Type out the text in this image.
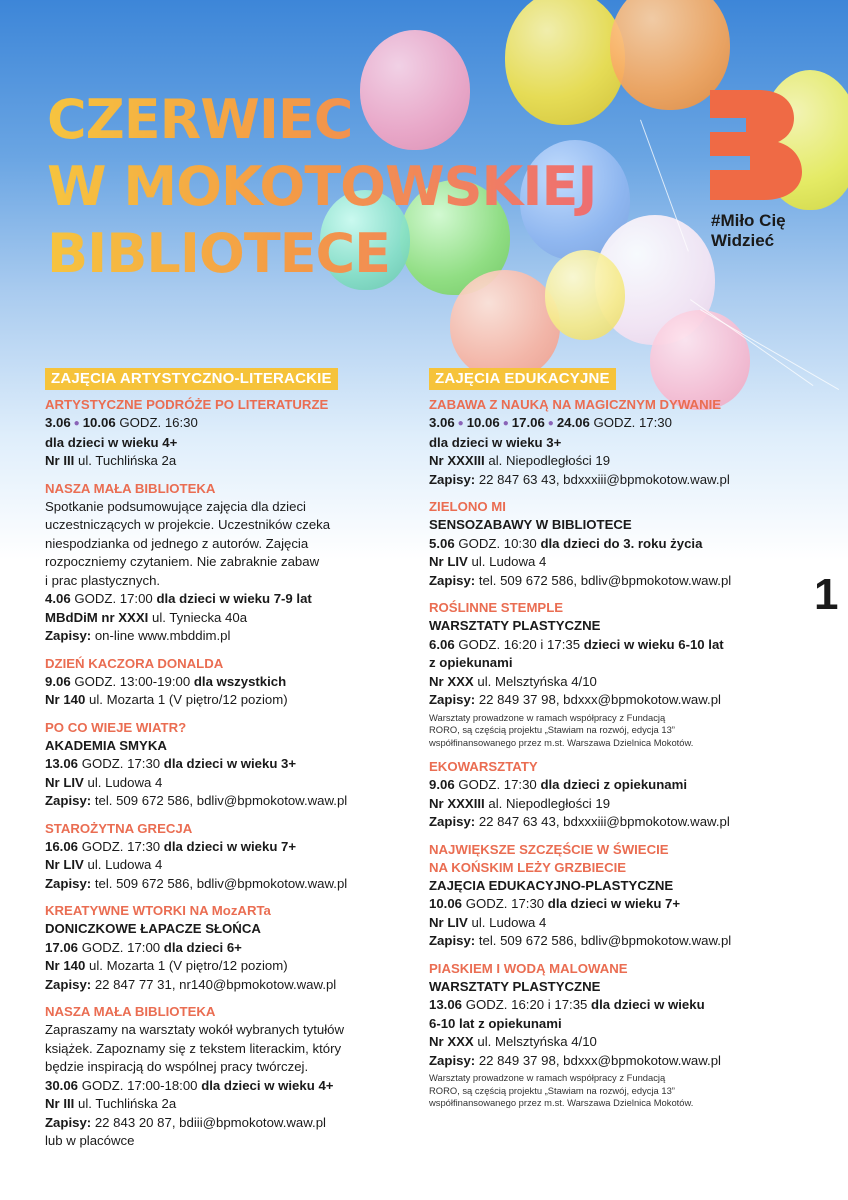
CZERWIEC
W MOKOTOWSKIEJ
BIBLIOTECE
#Miło Cię
Widzieć
ZAJĘCIA ARTYSTYCZNO-LITERACKIE
ARTYSTYCZNE PODRÓŻE PO LITERATURZE
3.06 ● 10.06 GODZ. 16:30
dla dzieci w wieku 4+
Nr III ul. Tuchlińska 2a
NASZA MAŁA BIBLIOTEKA
Spotkanie podsumowujące zajęcia dla dzieci
uczestniczących w projekcie. Uczestników czeka
niespodzianka od jednego z autorów. Zajęcia
rozpoczniemy czytaniem. Nie zabraknie zabaw
i prac plastycznych.
4.06 GODZ. 17:00 dla dzieci w wieku 7-9 lat
MBdDiM nr XXXI ul. Tyniecka 40a
Zapisy: on-line www.mbddim.pl
DZIEŃ KACZORA DONALDA
9.06 GODZ. 13:00-19:00 dla wszystkich
Nr 140 ul. Mozarta 1 (V piętro/12 poziom)
PO CO WIEJE WIATR?
AKADEMIA SMYKA
13.06 GODZ. 17:30 dla dzieci w wieku 3+
Nr LIV ul. Ludowa 4
Zapisy: tel. 509 672 586, bdliv@bpmokotow.waw.pl
STAROŻYTNA GRECJA
16.06 GODZ. 17:30 dla dzieci w wieku 7+
Nr LIV ul. Ludowa 4
Zapisy: tel. 509 672 586, bdliv@bpmokotow.waw.pl
KREATYWNE WTORKI NA MozARTa
DONICZKOWE ŁAPACZE SŁOŃCA
17.06 GODZ. 17:00 dla dzieci 6+
Nr 140 ul. Mozarta 1 (V piętro/12 poziom)
Zapisy: 22 847 77 31, nr140@bpmokotow.waw.pl
NASZA MAŁA BIBLIOTEKA
Zapraszamy na warsztaty wokół wybranych tytułów
książek. Zapoznamy się z tekstem literackim, który
będzie inspiracją do wspólnej pracy twórczej.
30.06 GODZ. 17:00-18:00 dla dzieci w wieku 4+
Nr III ul. Tuchlińska 2a
Zapisy: 22 843 20 87, bdiii@bpmokotow.waw.pl
lub w placówce
ZAJĘCIA EDUKACYJNE
ZABAWA Z NAUKĄ NA MAGICZNYM DYWANIE
3.06 ● 10.06 ● 17.06 ● 24.06 GODZ. 17:30
dla dzieci w wieku 3+
Nr XXXIII al. Niepodległości 19
Zapisy: 22 847 63 43, bdxxxiii@bpmokotow.waw.pl
ZIELONO MI
SENSOZABAWY W BIBLIOTECE
5.06 GODZ. 10:30 dla dzieci do 3. roku życia
Nr LIV ul. Ludowa 4
Zapisy: tel. 509 672 586, bdliv@bpmokotow.waw.pl
ROŚLINNE STEMPLE
WARSZTATY PLASTYCZNE
6.06 GODZ. 16:20 i 17:35 dzieci w wieku 6-10 lat
z opiekunami
Nr XXX ul. Melsztyńska 4/10
Zapisy: 22 849 37 98, bdxxx@bpmokotow.waw.pl
Warsztaty prowadzone w ramach współpracy z Fundacją
RORO, są częścią projektu „Stawiam na rozwój, edycja 13”
współfinansowanego przez m.st. Warszawa Dzielnica Mokotów.
EKOWARSZTATY
9.06 GODZ. 17:30 dla dzieci z opiekunami
Nr XXXIII al. Niepodległości 19
Zapisy: 22 847 63 43, bdxxxiii@bpmokotow.waw.pl
NAJWIĘKSZE SZCZĘŚCIE W ŚWIECIE
NA KOŃSKIM LEŻY GRZBIECIE
ZAJĘCIA EDUKACYJNO-PLASTYCZNE
10.06 GODZ. 17:30 dla dzieci w wieku 7+
Nr LIV ul. Ludowa 4
Zapisy: tel. 509 672 586, bdliv@bpmokotow.waw.pl
PIASKIEM I WODĄ MALOWANE
WARSZTATY PLASTYCZNE
13.06 GODZ. 16:20 i 17:35 dla dzieci w wieku
6-10 lat z opiekunami
Nr XXX ul. Melsztyńska 4/10
Zapisy: 22 849 37 98, bdxxx@bpmokotow.waw.pl
Warsztaty prowadzone w ramach współpracy z Fundacją
RORO, są częścią projektu „Stawiam na rozwój, edycja 13”
współfinansowanego przez m.st. Warszawa Dzielnica Mokotów.
1
